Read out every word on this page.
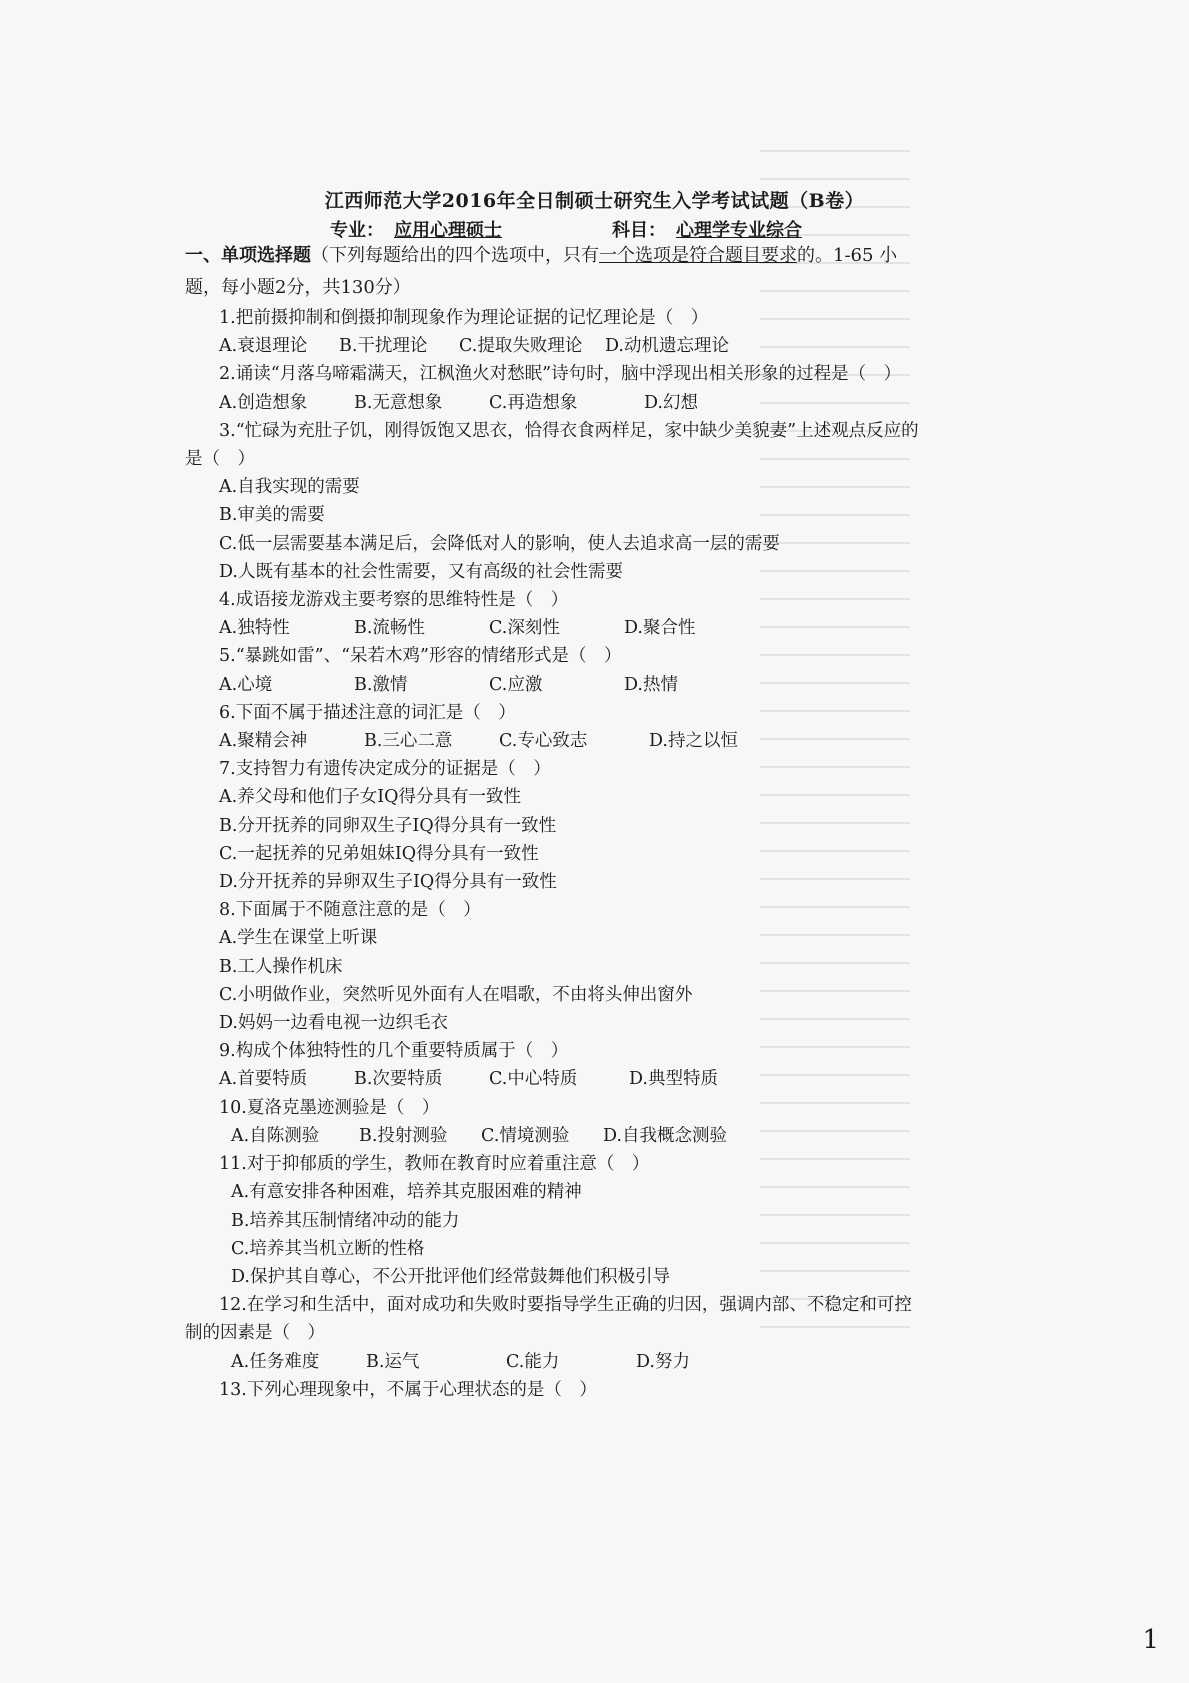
江西师范大学2016年全日制硕士研究生入学考试试题（B卷）
专业： 应用心理硕士	科目： 心理学专业综合
一、单项选择题（下列每题给出的四个选项中，只有一个选项是符合题目要求的。1-65 小题，每小题2分，共130分）
1.把前摄抑制和倒摄抑制现象作为理论证据的记忆理论是（　）
A.衰退理论	B.干扰理论	C.提取失败理论	D.动机遗忘理论
2.诵读“月落乌啼霜满天，江枫渔火对愁眠”诗句时，脑中浮现出相关形象的过程是（　）
A.创造想象	B.无意想象	C.再造想象	D.幻想
3.“忙碌为充肚子饥，刚得饭饱又思衣，恰得衣食两样足，家中缺少美貌妻”上述观点反应的是（　）
A.自我实现的需要
B.审美的需要
C.低一层需要基本满足后，会降低对人的影响，使人去追求高一层的需要
D.人既有基本的社会性需要，又有高级的社会性需要
4.成语接龙游戏主要考察的思维特性是（　）
A.独特性	B.流畅性	C.深刻性	D.聚合性
5.“暴跳如雷”、“呆若木鸡”形容的情绪形式是（　）
A.心境	B.激情	C.应激	D.热情
6.下面不属于描述注意的词汇是（　）
A.聚精会神	B.三心二意	C.专心致志	D.持之以恒
7.支持智力有遗传决定成分的证据是（　）
A.养父母和他们子女IQ得分具有一致性
B.分开抚养的同卵双生子IQ得分具有一致性
C.一起抚养的兄弟姐妹IQ得分具有一致性
D.分开抚养的异卵双生子IQ得分具有一致性
8.下面属于不随意注意的是（　）
A.学生在课堂上听课
B.工人操作机床
C.小明做作业，突然听见外面有人在唱歌，不由将头伸出窗外
D.妈妈一边看电视一边织毛衣
9.构成个体独特性的几个重要特质属于（　）
A.首要特质	B.次要特质	C.中心特质	D.典型特质
10.夏洛克墨迹测验是（　）
A.自陈测验	B.投射测验	C.情境测验	D.自我概念测验
11.对于抑郁质的学生，教师在教育时应着重注意（　）
A.有意安排各种困难，培养其克服困难的精神
B.培养其压制情绪冲动的能力
C.培养其当机立断的性格
D.保护其自尊心，不公开批评他们经常鼓舞他们积极引导
12.在学习和生活中，面对成功和失败时要指导学生正确的归因，强调内部、不稳定和可控制的因素是（　）
A.任务难度	B.运气	C.能力	D.努力
13.下列心理现象中，不属于心理状态的是（　）
1
